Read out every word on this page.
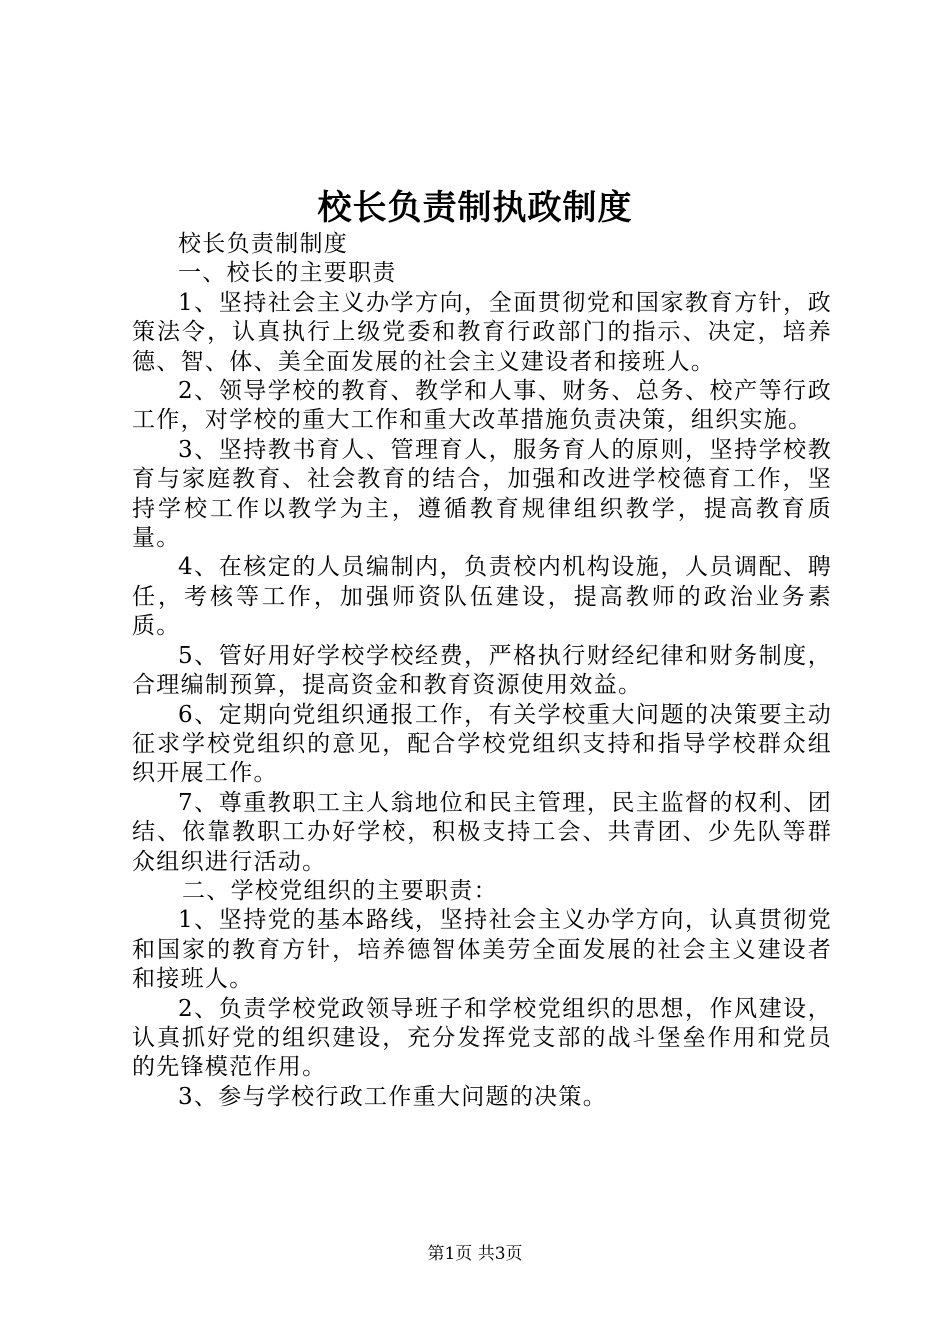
校长负责制执政制度

校长负责制制度

一、校长的主要职责

1、坚持社会主义办学方向，全面贯彻党和国家教育方针，政策法令，认真执行上级党委和教育行政部门的指示、决定，培养德、智、体、美全面发展的社会主义建设者和接班人。

2、领导学校的教育、教学和人事、财务、总务、校产等行政工作，对学校的重大工作和重大改革措施负责决策，组织实施。

3、坚持教书育人、管理育人，服务育人的原则，坚持学校教育与家庭教育、社会教育的结合，加强和改进学校德育工作，坚持学校工作以教学为主，遵循教育规律组织教学，提高教育质量。

4、在核定的人员编制内，负责校内机构设施，人员调配、聘任，考核等工作，加强师资队伍建设，提高教师的政治业务素质。

5、管好用好学校学校经费，严格执行财经纪律和财务制度，合理编制预算，提高资金和教育资源使用效益。

6、定期向党组织通报工作，有关学校重大问题的决策要主动征求学校党组织的意见，配合学校党组织支持和指导学校群众组织开展工作。

7、尊重教职工主人翁地位和民主管理，民主监督的权利、团结、依靠教职工办好学校，积极支持工会、共青团、少先队等群众组织进行活动。

二、学校党组织的主要职责：

1、坚持党的基本路线，坚持社会主义办学方向，认真贯彻党和国家的教育方针，培养德智体美劳全面发展的社会主义建设者和接班人。

2、负责学校党政领导班子和学校党组织的思想，作风建设，认真抓好党的组织建设，充分发挥党支部的战斗堡垒作用和党员的先锋模范作用。

3、参与学校行政工作重大问题的决策。

第1页 共3页
